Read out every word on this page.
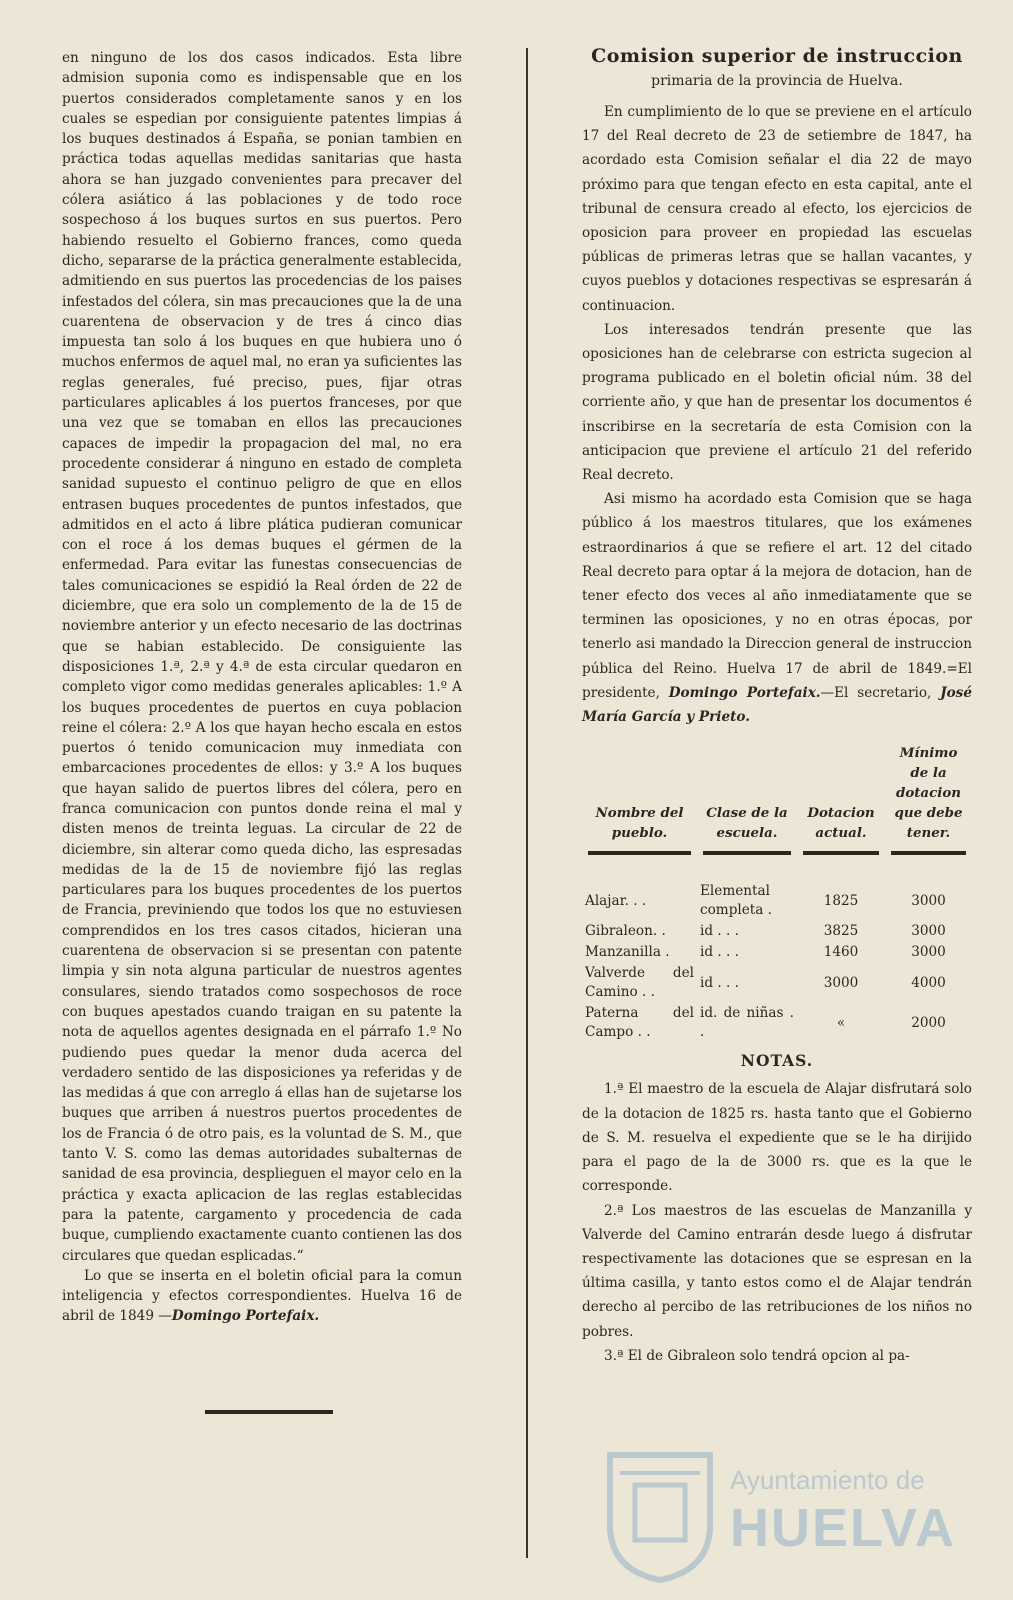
en ninguno de los dos casos indicados. Esta libre admision suponia como es indispensable que en los puertos considerados completamente sanos y en los cuales se espedian por consiguiente patentes limpias á los buques destinados á España, se ponian tambien en práctica todas aquellas medidas sanitarias que hasta ahora se han juzgado convenientes para precaver del cólera asiático á las poblaciones y de todo roce sospechoso á los buques surtos en sus puertos. Pero habiendo resuelto el Gobierno frances, como queda dicho, separarse de la práctica generalmente establecida, admitiendo en sus puertos las procedencias de los paises infestados del cólera, sin mas precauciones que la de una cuarentena de observacion y de tres á cinco dias impuesta tan solo á los buques en que hubiera uno ó muchos enfermos de aquel mal, no eran ya suficientes las reglas generales, fué preciso, pues, fijar otras particulares aplicables á los puertos franceses, por que una vez que se tomaban en ellos las precauciones capaces de impedir la propagacion del mal, no era procedente considerar á ninguno en estado de completa sanidad supuesto el continuo peligro de que en ellos entrasen buques procedentes de puntos infestados, que admitidos en el acto á libre plática pudieran comunicar con el roce á los demas buques el gérmen de la enfermedad. Para evitar las funestas consecuencias de tales comunicaciones se espidió la Real órden de 22 de diciembre, que era solo un complemento de la de 15 de noviembre anterior y un efecto necesario de las doctrinas que se habian establecido. De consiguiente las disposiciones 1.ª, 2.ª y 4.ª de esta circular quedaron en completo vigor como medidas generales aplicables: 1.º A los buques procedentes de puertos en cuya poblacion reine el cólera: 2.º A los que hayan hecho escala en estos puertos ó tenido comunicacion muy inmediata con embarcaciones procedentes de ellos: y 3.º A los buques que hayan salido de puertos libres del cólera, pero en franca comunicacion con puntos donde reina el mal y disten menos de treinta leguas. La circular de 22 de diciembre, sin alterar como queda dicho, las espresadas medidas de la de 15 de noviembre fijó las reglas particulares para los buques procedentes de los puertos de Francia, previniendo que todos los que no estuviesen comprendidos en los tres casos citados, hicieran una cuarentena de observacion si se presentan con patente limpia y sin nota alguna particular de nuestros agentes consulares, siendo tratados como sospechosos de roce con buques apestados cuando traigan en su patente la nota de aquellos agentes designada en el párrafo 1.º No pudiendo pues quedar la menor duda acerca del verdadero sentido de las disposiciones ya referidas y de las medidas á que con arreglo á ellas han de sujetarse los buques que arriben á nuestros puertos procedentes de los de Francia ó de otro pais, es la voluntad de S. M., que tanto V. S. como las demas autoridades subalternas de sanidad de esa provincia, desplieguen el mayor celo en la práctica y exacta aplicacion de las reglas establecidas para la patente, cargamento y procedencia de cada buque, cumpliendo exactamente cuanto contienen las dos circulares que quedan esplicadas.“

Lo que se inserta en el boletin oficial para la comun inteligencia y efectos correspondientes. Huelva 16 de abril de 1849 —Domingo Portefaix.

Comision superior de instruccion

primaria de la provincia de Huelva.

En cumplimiento de lo que se previene en el artículo 17 del Real decreto de 23 de setiembre de 1847, ha acordado esta Comision señalar el dia 22 de mayo próximo para que tengan efecto en esta capital, ante el tribunal de censura creado al efecto, los ejercicios de oposicion para proveer en propiedad las escuelas públicas de primeras letras que se hallan vacantes, y cuyos pueblos y dotaciones respectivas se espresarán á continuacion.

Los interesados tendrán presente que las oposiciones han de celebrarse con estricta sugecion al programa publicado en el boletin oficial núm. 38 del corriente año, y que han de presentar los documentos é inscribirse en la secretaría de esta Comision con la anticipacion que previene el artículo 21 del referido Real decreto.

Asi mismo ha acordado esta Comision que se haga público á los maestros titulares, que los exámenes estraordinarios á que se refiere el art. 12 del citado Real decreto para optar á la mejora de dotacion, han de tener efecto dos veces al año inmediatamente que se terminen las oposiciones, y no en otras épocas, por tenerlo asi mandado la Direccion general de instruccion pública del Reino. Huelva 17 de abril de 1849.=El presidente, Domingo Portefaix.—El secretario, José María García y Prieto.

Nombre del pueblo.	Clase de la escuela.	Dotacion actual.	Mínimo de la dotacion que debe tener.

Alajar. . .	Elemental completa .	1825	3000
Gibraleon. .	id . . .	3825	3000
Manzanilla .	id . . .	1460	3000
Valverde del Camino . .	id . . .	3000	4000
Paterna del Campo . .	id. de niñas . .	«	2000

NOTAS.

1.ª El maestro de la escuela de Alajar disfrutará solo de la dotacion de 1825 rs. hasta tanto que el Gobierno de S. M. resuelva el expediente que se le ha dirijido para el pago de la de 3000 rs. que es la que le corresponde.

2.ª Los maestros de las escuelas de Manzanilla y Valverde del Camino entrarán desde luego á disfrutar respectivamente las dotaciones que se espresan en la última casilla, y tanto estos como el de Alajar tendrán derecho al percibo de las retribuciones de los niños no pobres.

3.ª El de Gibraleon solo tendrá opcion al pa-

Ayuntamiento de
HUELVA
